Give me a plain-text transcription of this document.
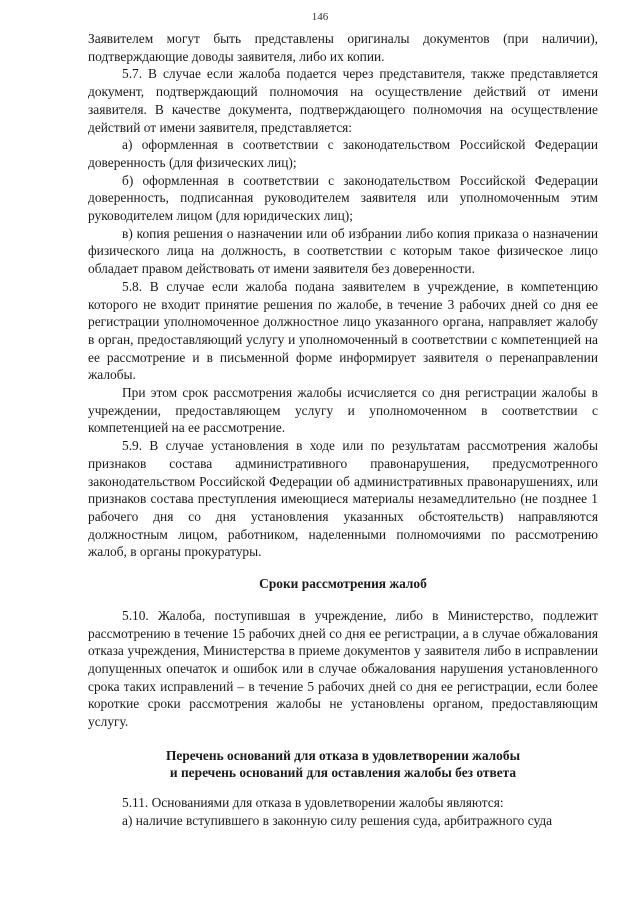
146

Заявителем могут быть представлены оригиналы документов (при наличии), подтверждающие доводы заявителя, либо их копии.

5.7. В случае если жалоба подается через представителя, также представляется документ, подтверждающий полномочия на осуществление действий от имени заявителя. В качестве документа, подтверждающего полномочия на осуществление действий от имени заявителя, представляется:

а) оформленная в соответствии с законодательством Российской Федерации доверенность (для физических лиц);

б) оформленная в соответствии с законодательством Российской Федерации доверенность, подписанная руководителем заявителя или уполномоченным этим руководителем лицом (для юридических лиц);

в) копия решения о назначении или об избрании либо копия приказа о назначении физического лица на должность, в соответствии с которым такое физическое лицо обладает правом действовать от имени заявителя без доверенности.

5.8. В случае если жалоба подана заявителем в учреждение, в компетенцию которого не входит принятие решения по жалобе, в течение 3 рабочих дней со дня ее регистрации уполномоченное должностное лицо указанного органа, направляет жалобу в орган, предоставляющий услугу и уполномоченный в соответствии с компетенцией на ее рассмотрение и в письменной форме информирует заявителя о перенаправлении жалобы.

При этом срок рассмотрения жалобы исчисляется со дня регистрации жалобы в учреждении, предоставляющем услугу и уполномоченном в соответствии с компетенцией на ее рассмотрение.

5.9. В случае установления в ходе или по результатам рассмотрения жалобы признаков состава административного правонарушения, предусмотренного законодательством Российской Федерации об административных правонарушениях, или признаков состава преступления имеющиеся материалы незамедлительно (не позднее 1 рабочего дня со дня установления указанных обстоятельств) направляются должностным лицом, работником, наделенными полномочиями по рассмотрению жалоб, в органы прокуратуры.

Сроки рассмотрения жалоб

5.10. Жалоба, поступившая в учреждение, либо в Министерство, подлежит рассмотрению в течение 15 рабочих дней со дня ее регистрации, а в случае обжалования отказа учреждения, Министерства в приеме документов у заявителя либо в исправлении допущенных опечаток и ошибок или в случае обжалования нарушения установленного срока таких исправлений – в течение 5 рабочих дней со дня ее регистрации, если более короткие сроки рассмотрения жалобы не установлены органом, предоставляющим услугу.

Перечень оснований для отказа в удовлетворении жалобы
и перечень оснований для оставления жалобы без ответа

5.11. Основаниями для отказа в удовлетворении жалобы являются:

а) наличие вступившего в законную силу решения суда, арбитражного суда
